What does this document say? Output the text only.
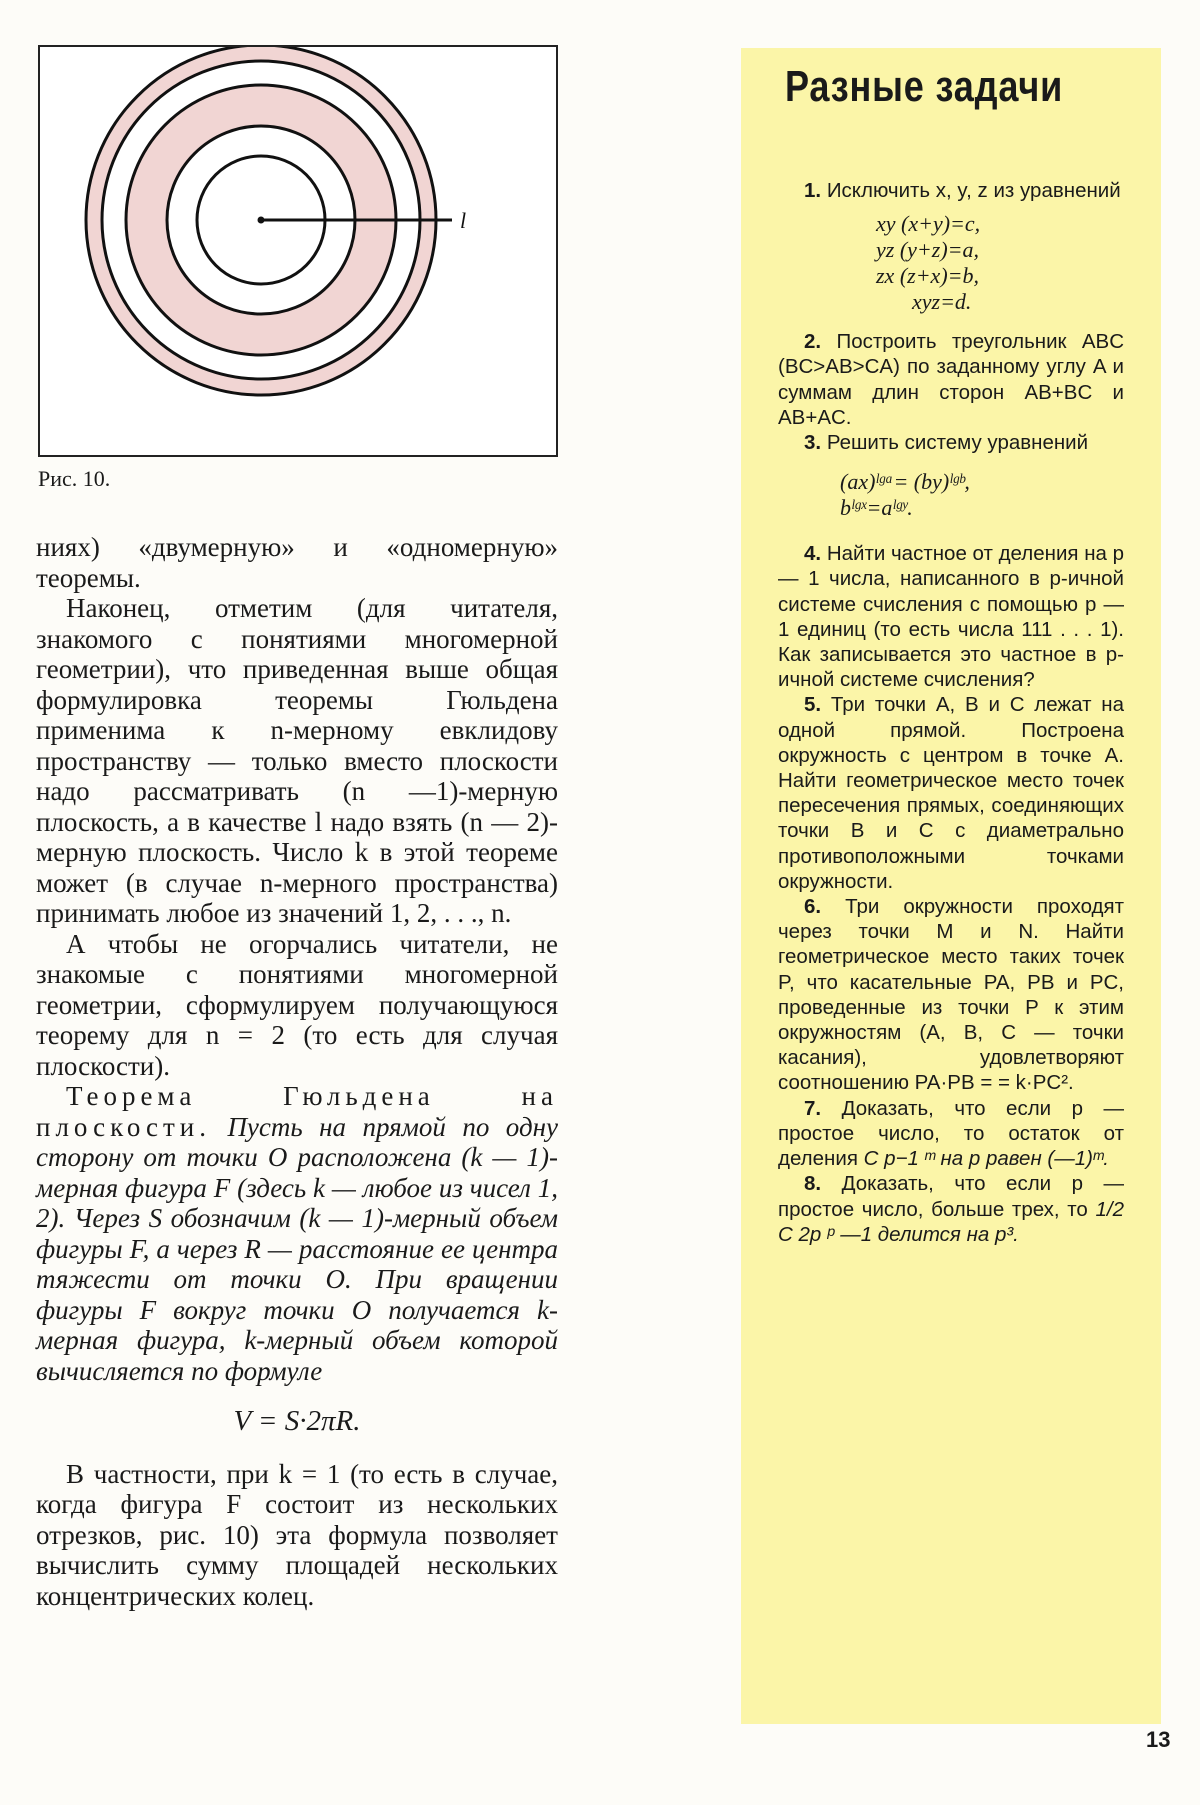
l
Рис. 10.

ниях) «двумерную» и «одномерную» теоремы.

Наконец, отметим (для читателя, знакомого с понятиями многомерной геометрии), что приведенная выше общая формулировка теоремы Гюльдена применима к n-мерному евклидову пространству — только вместо плоскости надо рассматривать (n —1)-мерную плоскость, а в качестве l надо взять (n — 2)-мерную плоскость. Число k в этой теореме может (в случае n-мерного пространства) принимать любое из значений 1, 2, . . ., n.

А чтобы не огорчались читатели, не знакомые с понятиями многомерной геометрии, сформулируем получающуюся теорему для n = 2 (то есть для случая плоскости).

Теорема Гюльдена на плоскости. Пусть на прямой по одну сторону от точки O расположена (k — 1)-мерная фигура F (здесь k — любое из чисел 1, 2). Через S обозначим (k — 1)-мерный объем фигуры F, а через R — расстояние ее центра тяжести от точки O. При вращении фигуры F вокруг точки O получается k-мерная фигура, k-мерный объем которой вычисляется по формуле

V = S·2πR.

В частности, при k = 1 (то есть в случае, когда фигура F состоит из нескольких отрезков, рис. 10) эта формула позволяет вычислить сумму площадей нескольких концентрических колец.

Разные задачи

1. Исключить x, y, z из уравнений

xy (x+y)=c,
yz (y+z)=a,
zx (z+x)=b,
xyz=d.

2. Построить треугольник ABC (BC>AB>CA) по заданному углу A и суммам длин сторон AB+BC и AB+AC.

3. Решить систему уравнений

(ax)ˡᵍᵃ= (by)ˡᵍᵇ,
bˡᵍˣ=aˡᵍʸ.

4. Найти частное от деления на p — 1 числа, написанного в p-ичной системе счисления с помощью p — 1 единиц (то есть числа 111 . . . 1). Как записывается это частное в p-ичной системе счисления?

5. Три точки A, B и C лежат на одной прямой. Построена окружность с центром в точке A. Найти геометрическое место точек пересечения прямых, соединяющих точки B и C с диаметрально противоположными точками окружности.

6. Три окружности проходят через точки M и N. Найти геометрическое место таких точек P, что касательные PA, PB и PC, проведенные из точки P к этим окружностям (A, B, C — точки касания), удовлетворяют соотношению PA·PB = = k·PC².

7. Доказать, что если p — простое число, то остаток от деления C p−1 ᵐ на p равен (—1)ᵐ.

8. Доказать, что если p — простое число, больше трех, то 1/2 C 2p ᵖ —1 делится на p³.

13
